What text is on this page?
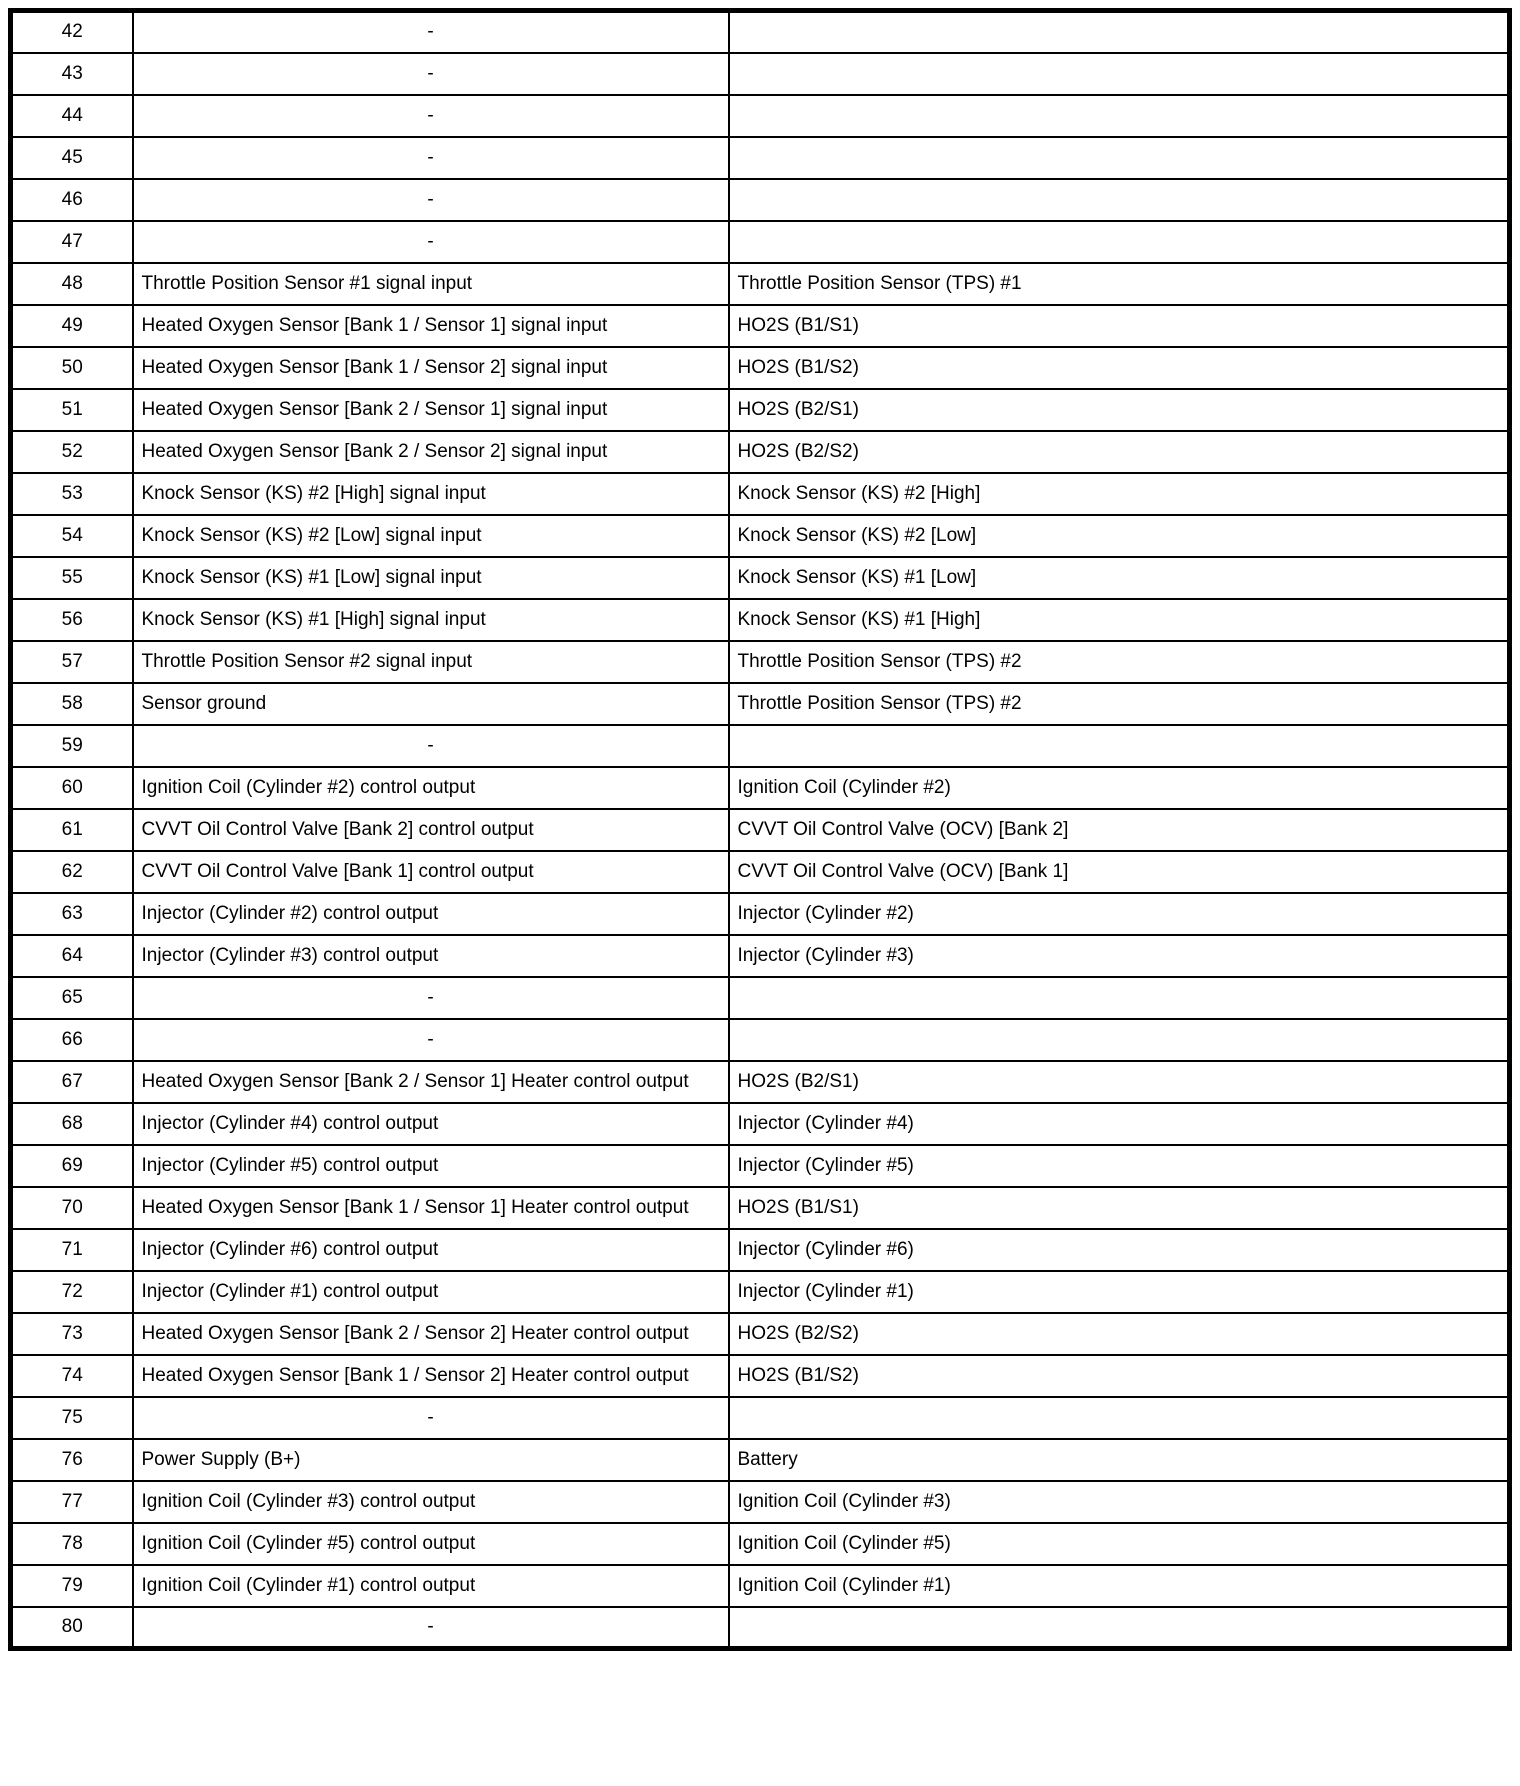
42	-	
43	-	
44	-	
45	-	
46	-	
47	-	
48	Throttle Position Sensor #1 signal input	Throttle Position Sensor (TPS) #1
49	Heated Oxygen Sensor [Bank 1 / Sensor 1] signal input	HO2S (B1/S1)
50	Heated Oxygen Sensor [Bank 1 / Sensor 2] signal input	HO2S (B1/S2)
51	Heated Oxygen Sensor [Bank 2 / Sensor 1] signal input	HO2S (B2/S1)
52	Heated Oxygen Sensor [Bank 2 / Sensor 2] signal input	HO2S (B2/S2)
53	Knock Sensor (KS) #2 [High] signal input	Knock Sensor (KS) #2 [High]
54	Knock Sensor (KS) #2 [Low] signal input	Knock Sensor (KS) #2 [Low]
55	Knock Sensor (KS) #1 [Low] signal input	Knock Sensor (KS) #1 [Low]
56	Knock Sensor (KS) #1 [High] signal input	Knock Sensor (KS) #1 [High]
57	Throttle Position Sensor #2 signal input	Throttle Position Sensor (TPS) #2
58	Sensor ground	Throttle Position Sensor (TPS) #2
59	-	
60	Ignition Coil (Cylinder #2) control output	Ignition Coil (Cylinder #2)
61	CVVT Oil Control Valve [Bank 2] control output	CVVT Oil Control Valve (OCV) [Bank 2]
62	CVVT Oil Control Valve [Bank 1] control output	CVVT Oil Control Valve (OCV) [Bank 1]
63	Injector (Cylinder #2) control output	Injector (Cylinder #2)
64	Injector (Cylinder #3) control output	Injector (Cylinder #3)
65	-	
66	-	
67	Heated Oxygen Sensor [Bank 2 / Sensor 1] Heater control output	HO2S (B2/S1)
68	Injector (Cylinder #4) control output	Injector (Cylinder #4)
69	Injector (Cylinder #5) control output	Injector (Cylinder #5)
70	Heated Oxygen Sensor [Bank 1 / Sensor 1] Heater control output	HO2S (B1/S1)
71	Injector (Cylinder #6) control output	Injector (Cylinder #6)
72	Injector (Cylinder #1) control output	Injector (Cylinder #1)
73	Heated Oxygen Sensor [Bank 2 / Sensor 2] Heater control output	HO2S (B2/S2)
74	Heated Oxygen Sensor [Bank 1 / Sensor 2] Heater control output	HO2S (B1/S2)
75	-	
76	Power Supply (B+)	Battery
77	Ignition Coil (Cylinder #3) control output	Ignition Coil (Cylinder #3)
78	Ignition Coil (Cylinder #5) control output	Ignition Coil (Cylinder #5)
79	Ignition Coil (Cylinder #1) control output	Ignition Coil (Cylinder #1)
80	-	
